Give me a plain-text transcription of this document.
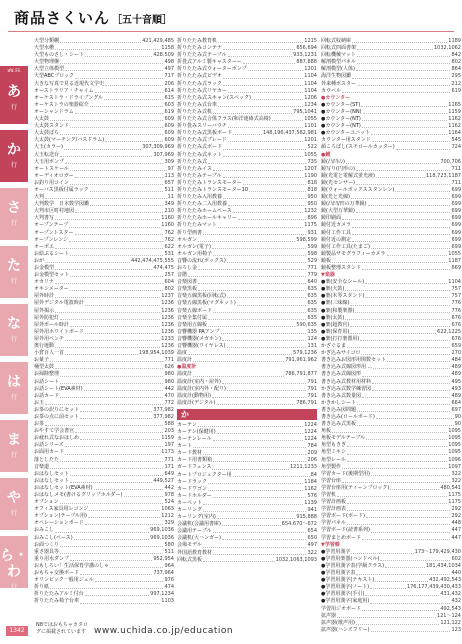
商品さくいん ［五十音順］
あ
行
か
行
さ
行
た
行
な
行
は
行
ま
行
や
行
ら・わ
行
大型分類棚	421,429,485
大型水槽	1158
大型ものさし・シート	428,509
大型物理盤	498
大型立体模型	497
大型ABCブロック	717
大きな写真で見る近現代文学史	206
オーストラリア・チャイム	614
オーケストラ・ドライブングル	615
オーケストラの楽器紹介	603
オーシャンドラム	619
大太鼓	609
大太鼓スタンド	609
大太鼓ばち	609
大太鼓(マーチング/バスドラム)	609
大玉(カラー)	307,309,969
大玉転送台	307,969
大玉用ポンプ	309
オートスケール	97
オーディオロガー	113
お釣り用コイン	657
オーバス黒板付属ラック	511
大判	11
大判数学　日本数学図鑑	349
大判市区町村地図	210
大判書写	1160
オープンテープ	1160
オープントスター	762
オープンレンジ	762
オーボエ	622
お絵ぷるシート	531
おが	442,474,475,555
お金模型	474,475
お金模型セット	257
オカリナ	604
オキシメーター	802
屋外時計	1237
屋外デジタル電波時計	1236
屋外掲示	1236
屋外防犯灯	1236
屋外ポール時計	1236
屋外用ホワイトボード	1236
屋外用ベンチ	1233
奥行運動	1236
小倉百人一首	198,954,1039
お菓子	771
桶型太鼓	626
お掃除整理	980
お話シート	980
お話シート(EVA素材)	442
お話カード	470
お玉	772
お茶の訳りにセット	377,982
お茶の点に前セット	377,982
お茶	588
おやすて学会書官	203
お疲れ式なおはしめ	1159
お話シリーズ	197
お面用カード	1173
落としたた	771
音楽道	171
おはなしセット	649
おはなしセット	449,527
おはなしセット(EVA素材)	442
おはなしメモ(書けるグリップホルダー)	978
オプション	524
オフィス家具用レコンジ	1063
オプション(テーブル用)	1212
オペレーションボード	329
おみこし	969,1036
おみこし(ベース)	969,1036
お面つくり	580
重さ器具等	511
重り用水ダンプ	952,954
おもしろい！生活保育学講のしゃ	964
おもちゃ交換ボード	737,964
オリンピック一般用ジェル	976
折り紙	474
折りたたみアルミ付台	997,1234
折りたたみ椅子台車	1103
折りたたみ教育机	1215
折りたたみコンテナ	656,694
折りたたみ式テーブル	933,1231
折畳式アルミ製キャスターー	887,888
折りたたみ式ウォーターポンプ	1201
折りたたみ式ビデオ	1104
折りたたみ式ラック	1104
折りたたみ式リヤカー	1104
折りたたみ式スキャン(スペック)	1206
折りたたみ式台車	1234
折りたたみ式机	795,1041
折りたたみ式合体フラス(和洋連絡式高椅)	1055
折り畳みスリーバウチ	1101
折りたたみ式黒板ボード	148,196,437,562,981
折りたたみ式ブレード	1201
折りたたみ式ボード	522
折りたたみ式ネット	1055
折りたたみ式	735
折りたたみイス	1207
折りたたみテーブル	1190
折りたたみトランスモーター	818
折りたたみトランスモーター10	818
折りたたみ入用教養	950
折りたたみ二入用教養	950
折りたたみホームベース	1232
折りたたみホールキャリー	896
折りたたみマット	1175
折り型画書	931
オルガン	598,599
オルガン(電子)	599
オルガン用椅子	598
音響の流れ(ボックス)	529
おろし金	771
音階	779
音楽図書	640
音楽黒板	635
音楽五線黒板(回転式)	635
音楽五線黒板(マグネット)	635
音楽五線ボード	635
音楽全集付属	635
音楽用五線板	590,635
音響機器 PAアンプ	135
音響機器(メガホン)	124
音響機器(ワイヤレス)	131
温度	579,1236
温度計	791,961,962
●温度計
温度計	786,791,877
温度計(室内・屋外)	791
温度計(室内外・配り)	791
温度計(動物用)	791
温度計(デジタル)	786,791
か
カーテン	1224
カーテン(保健用)	1224
カーテンレール	1224
カート	784
カード教材	209
カード用書類箱	206
ガードフェンス	1211,1233
カートプロジェクター用	84
カードラック	1184
カードワゴン	1162
カードホルダー	576
カーペット	1139
カーリング	941
カーリング(室内)	915,888
会議机(会議用書庫)	654,670～672
会議用テーブル	654
会議机(大ハンガー)	650
会場モデル	497
外国語教育教材	322
回転式黒板	1032,1063,1093
回転式収納庫	1189
回転式四面書架	1032,1062
回転機械マット	842
解剖模型パネル	802
解剖模型(人体)	864
海洋生物図鑑	295
外来種ポスター	212
カウベル	619
●カウンター
●カウンター(ST)	1165
●カウンター(NN)	1159
●カウンター(NT)	1162
●カウンター(NT)	1162
●カウンターユニット	1164
カウンター用スタンド	545
顔ころばし(スチロールカッター)	724
●鏡
鏡(凸凹の)	700,706
鏡写り(円形の)	711
鏡(光電と電解式蛍光液)	118,723,1187
鏡(光センサー)	711
鏡(ウォールボックススタンレン)	699
鏡(光と光線)	699
鏡(凸凹/凹の万華鏡)	699
鏡(大型万華鏡)	699
鏡印刷面	699
鏡付近カメラ	699
鏡付工作工具	699
鏡付近の測定	699
鏡付工作工具(たまご)	699
鏡製品サモグラフィーカメラ	1055
鏡板	1187
鏡板整理スタンド	669
▼楽器
●楽(安全なシール)	1104
●楽(大鼓)	757
●楽(木琴スタンド)	757
●楽(三味線)	776
●楽(和製楽器)	776
●楽(太鼓)	676
●楽(超教官)	676
●楽(保育用)	622,1225
●楽(打打楽器用)	676
かざぐるま	659
かぎ込みサイコロ	270
書き込みお図形用関数セット	484
書き込み式線図形用 ...	489
書き込み式線図形	489
書き込み式教材用材料	495
かぎ込み式数学練習図	493
書き込み式数量図	489
かきかしシート	664
書き込み図問題	697
書き込み(ロールボード)	90
書き込み式黒板	90
角板	1095
角板モデルテーブル	1095
角型もきぎ	1095
角型ミキシ	1095
角型レール	1096
角型製作	1097
学習カード(後期型用)	322
学習台座	322
学習台座用(ティーンブロック)	480,541
学習机	1175
学習計画板	1175
学習計画表	292
学習ボード(ボード)	292
学習パネル	448
学習ボード(読書系列)	447
学習まとめボード	447
▼学習帳
●学習用漢字	173～179,429,430
●学習用楽器(ハンドベル)	602
●学習用漢字表(学級クラス)	181,434,1034
●学習用漢字表	440
●学習用漢字(テキスト)	432,492,543
●学習用漢字(ノート)	176,177,439,430,433
●学習用漢字(手引)	431,432
●学習用漢字(家庭用)	432
学習用ジオボード	492,543
拡声器	121～124
拡声器(歌声用)	121,122
拡声器(ハンズフリー)	123
1342
N8ではおもちゃカタログに掲載されています www.uchida.co.jp/education
